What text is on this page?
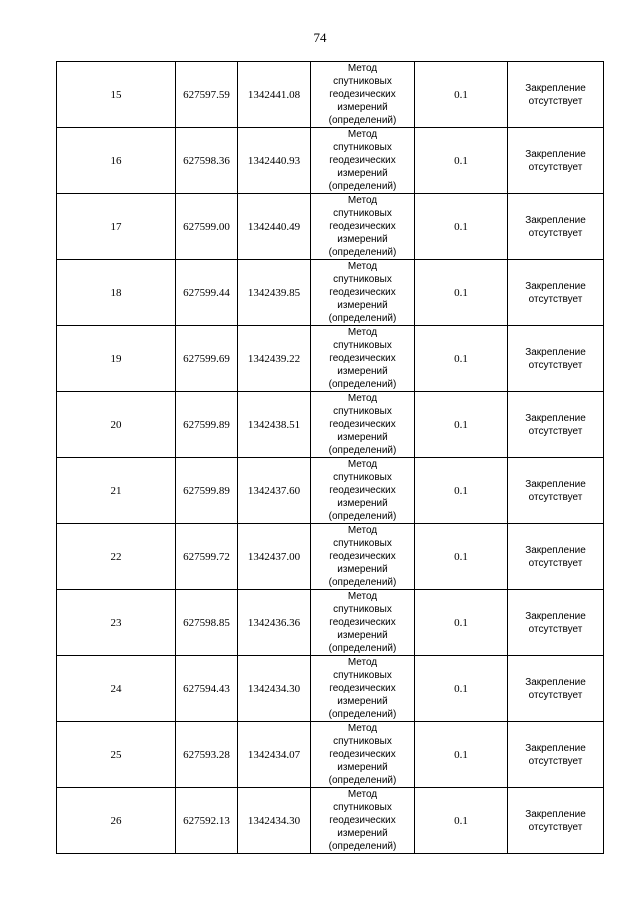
74
15	627597.59	1342441.08	Метод
спутниковых
геодезических
измерений
(определений)	0.1	Закрепление
отсутствует

16	627598.36	1342440.93	Метод
спутниковых
геодезических
измерений
(определений)	0.1	Закрепление
отсутствует

17	627599.00	1342440.49	Метод
спутниковых
геодезических
измерений
(определений)	0.1	Закрепление
отсутствует

18	627599.44	1342439.85	Метод
спутниковых
геодезических
измерений
(определений)	0.1	Закрепление
отсутствует

19	627599.69	1342439.22	Метод
спутниковых
геодезических
измерений
(определений)	0.1	Закрепление
отсутствует

20	627599.89	1342438.51	Метод
спутниковых
геодезических
измерений
(определений)	0.1	Закрепление
отсутствует

21	627599.89	1342437.60	Метод
спутниковых
геодезических
измерений
(определений)	0.1	Закрепление
отсутствует

22	627599.72	1342437.00	Метод
спутниковых
геодезических
измерений
(определений)	0.1	Закрепление
отсутствует

23	627598.85	1342436.36	Метод
спутниковых
геодезических
измерений
(определений)	0.1	Закрепление
отсутствует

24	627594.43	1342434.30	Метод
спутниковых
геодезических
измерений
(определений)	0.1	Закрепление
отсутствует

25	627593.28	1342434.07	Метод
спутниковых
геодезических
измерений
(определений)	0.1	Закрепление
отсутствует

26	627592.13	1342434.30	Метод
спутниковых
геодезических
измерений
(определений)	0.1	Закрепление
отсутствует
